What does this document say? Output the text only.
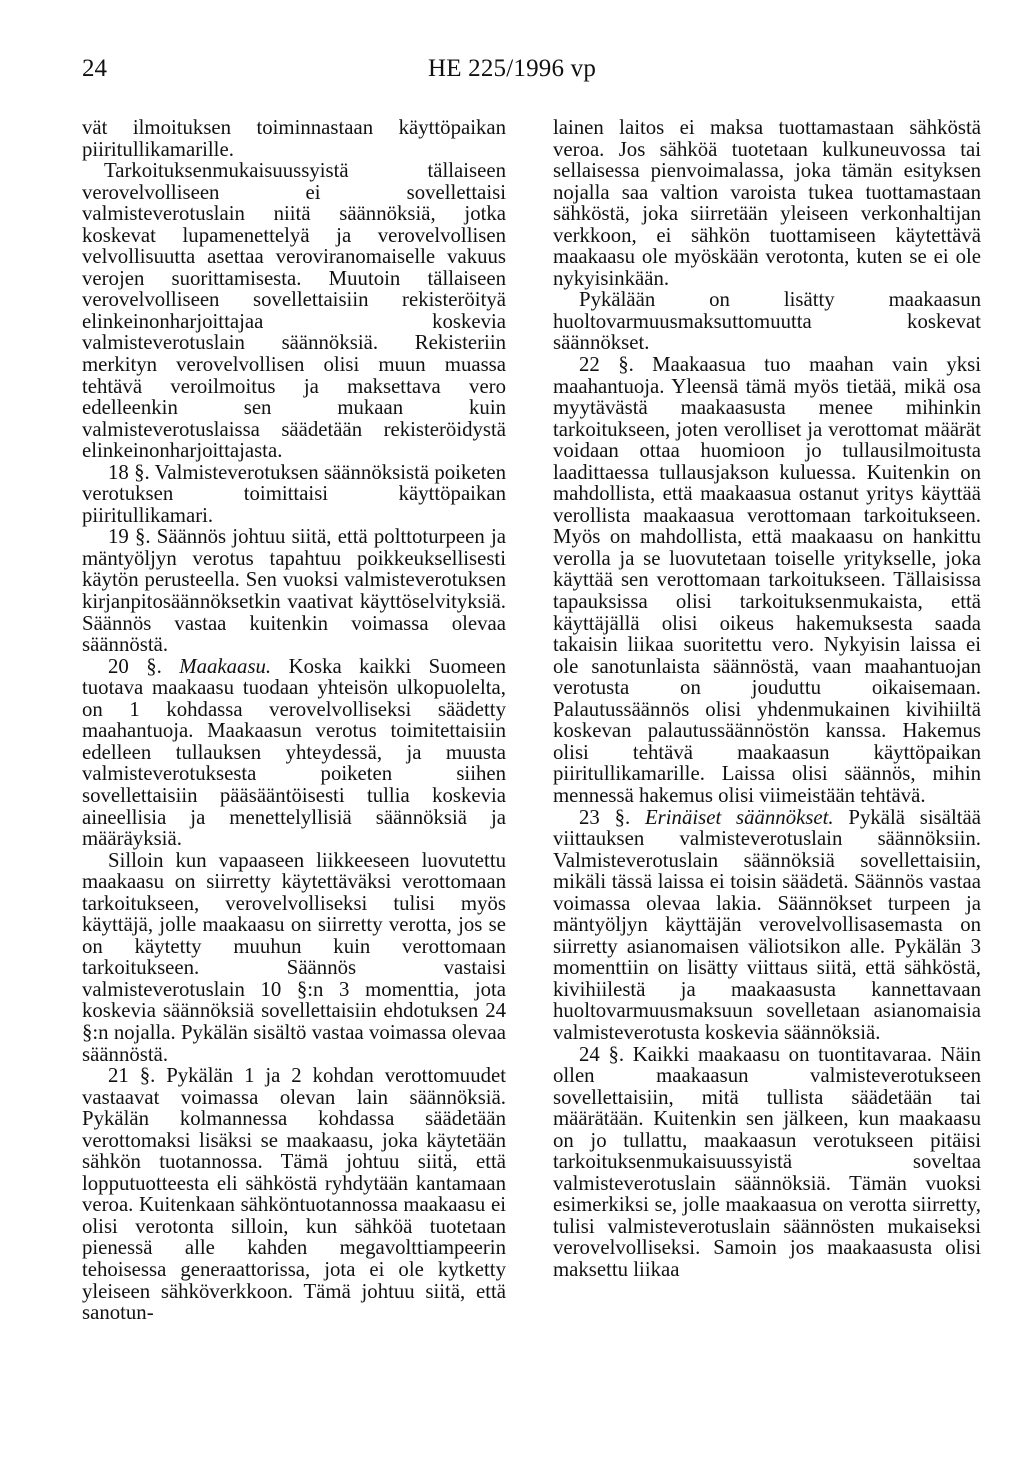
24	HE 225/1996 vp

vät ilmoituksen toiminnastaan käyttöpaikan piiritullikamarille.

Tarkoituksenmukaisuussyistä tällaiseen verovelvolliseen ei sovellettaisi valmisteverotuslain niitä säännöksiä, jotka koskevat lupamenettelyä ja verovelvollisen velvollisuutta asettaa veroviranomaiselle vakuus verojen suorittamisesta. Muutoin tällaiseen verovelvolliseen sovellettaisiin rekisteröityä elinkeinonharjoittajaa koskevia valmisteverotuslain säännöksiä. Rekisteriin merkityn verovelvollisen olisi muun muassa tehtävä veroilmoitus ja maksettava vero edelleenkin sen mukaan kuin valmisteverotuslaissa säädetään rekisteröidystä elinkeinonharjoittajasta.

18 §. Valmisteverotuksen säännöksistä poiketen verotuksen toimittaisi käyttöpaikan piiritullikamari.

19 §. Säännös johtuu siitä, että polttoturpeen ja mäntyöljyn verotus tapahtuu poikkeuksellisesti käytön perusteella. Sen vuoksi valmisteverotuksen kirjanpitosäännöksetkin vaativat käyttöselvityksiä. Säännös vastaa kuitenkin voimassa olevaa säännöstä.

20 §. Maakaasu. Koska kaikki Suomeen tuotava maakaasu tuodaan yhteisön ulkopuolelta, on 1 kohdassa verovelvolliseksi säädetty maahantuoja. Maakaasun verotus toimitettaisiin edelleen tullauksen yhteydessä, ja muusta valmisteverotuksesta poiketen siihen sovellettaisiin pääsääntöisesti tullia koskevia aineellisia ja menettelyllisiä säännöksiä ja määräyksiä.

Silloin kun vapaaseen liikkeeseen luovutettu maakaasu on siirretty käytettäväksi verottomaan tarkoitukseen, verovelvolliseksi tulisi myös käyttäjä, jolle maakaasu on siirretty verotta, jos se on käytetty muuhun kuin verottomaan tarkoitukseen. Säännös vastaisi valmisteverotuslain 10 §:n 3 momenttia, jota koskevia säännöksiä sovellettaisiin ehdotuksen 24 §:n nojalla. Pykälän sisältö vastaa voimassa olevaa säännöstä.

21 §. Pykälän 1 ja 2 kohdan verottomuudet vastaavat voimassa olevan lain säännöksiä. Pykälän kolmannessa kohdassa säädetään verottomaksi lisäksi se maakaasu, joka käytetään sähkön tuotannossa. Tämä johtuu siitä, että lopputuotteesta eli sähköstä ryhdytään kantamaan veroa. Kuitenkaan sähköntuotannossa maakaasu ei olisi verotonta silloin, kun sähköä tuotetaan pienessä alle kahden megavolttiampeerin tehoisessa generaattorissa, jota ei ole kytketty yleiseen sähköverkkoon. Tämä johtuu siitä, että sanotun-

lainen laitos ei maksa tuottamastaan sähköstä veroa. Jos sähköä tuotetaan kulkuneuvossa tai sellaisessa pienvoimalassa, joka tämän esityksen nojalla saa valtion varoista tukea tuottamastaan sähköstä, joka siirretään yleiseen verkonhaltijan verkkoon, ei sähkön tuottamiseen käytettävä maakaasu ole myöskään verotonta, kuten se ei ole nykyisinkään.

Pykälään on lisätty maakaasun huoltovarmuusmaksuttomuutta koskevat säännökset.

22 §. Maakaasua tuo maahan vain yksi maahantuoja. Yleensä tämä myös tietää, mikä osa myytävästä maakaasusta menee mihinkin tarkoitukseen, joten verolliset ja verottomat määrät voidaan ottaa huomioon jo tullausilmoitusta laadittaessa tullausjakson kuluessa. Kuitenkin on mahdollista, että maakaasua ostanut yritys käyttää verollista maakaasua verottomaan tarkoitukseen. Myös on mahdollista, että maakaasu on hankittu verolla ja se luovutetaan toiselle yritykselle, joka käyttää sen verottomaan tarkoitukseen. Tällaisissa tapauksissa olisi tarkoituksenmukaista, että käyttäjällä olisi oikeus hakemuksesta saada takaisin liikaa suoritettu vero. Nykyisin laissa ei ole sanotunlaista säännöstä, vaan maahantuojan verotusta on jouduttu oikaisemaan. Palautussäännös olisi yhdenmukainen kivihiiltä koskevan palautussäännöstön kanssa. Hakemus olisi tehtävä maakaasun käyttöpaikan piiritullikamarille. Laissa olisi säännös, mihin mennessä hakemus olisi viimeistään tehtävä.

23 §. Erinäiset säännökset. Pykälä sisältää viittauksen valmisteverotuslain säännöksiin. Valmisteverotuslain säännöksiä sovellettaisiin, mikäli tässä laissa ei toisin säädetä. Säännös vastaa voimassa olevaa lakia. Säännökset turpeen ja mäntyöljyn käyttäjän verovelvollisasemasta on siirretty asianomaisen väliotsikon alle. Pykälän 3 momenttiin on lisätty viittaus siitä, että sähköstä, kivihiilestä ja maakaasusta kannettavaan huoltovarmuusmaksuun sovelletaan asianomaisia valmisteverotusta koskevia säännöksiä.

24 §. Kaikki maakaasu on tuontitavaraa. Näin ollen maakaasun valmisteverotukseen sovellettaisiin, mitä tullista säädetään tai määrätään. Kuitenkin sen jälkeen, kun maakaasu on jo tullattu, maakaasun verotukseen pitäisi tarkoituksenmukaisuussyistä soveltaa valmisteverotuslain säännöksiä. Tämän vuoksi esimerkiksi se, jolle maakaasua on verotta siirretty, tulisi valmisteverotuslain säännösten mukaiseksi verovelvolliseksi. Samoin jos maakaasusta olisi maksettu liikaa
